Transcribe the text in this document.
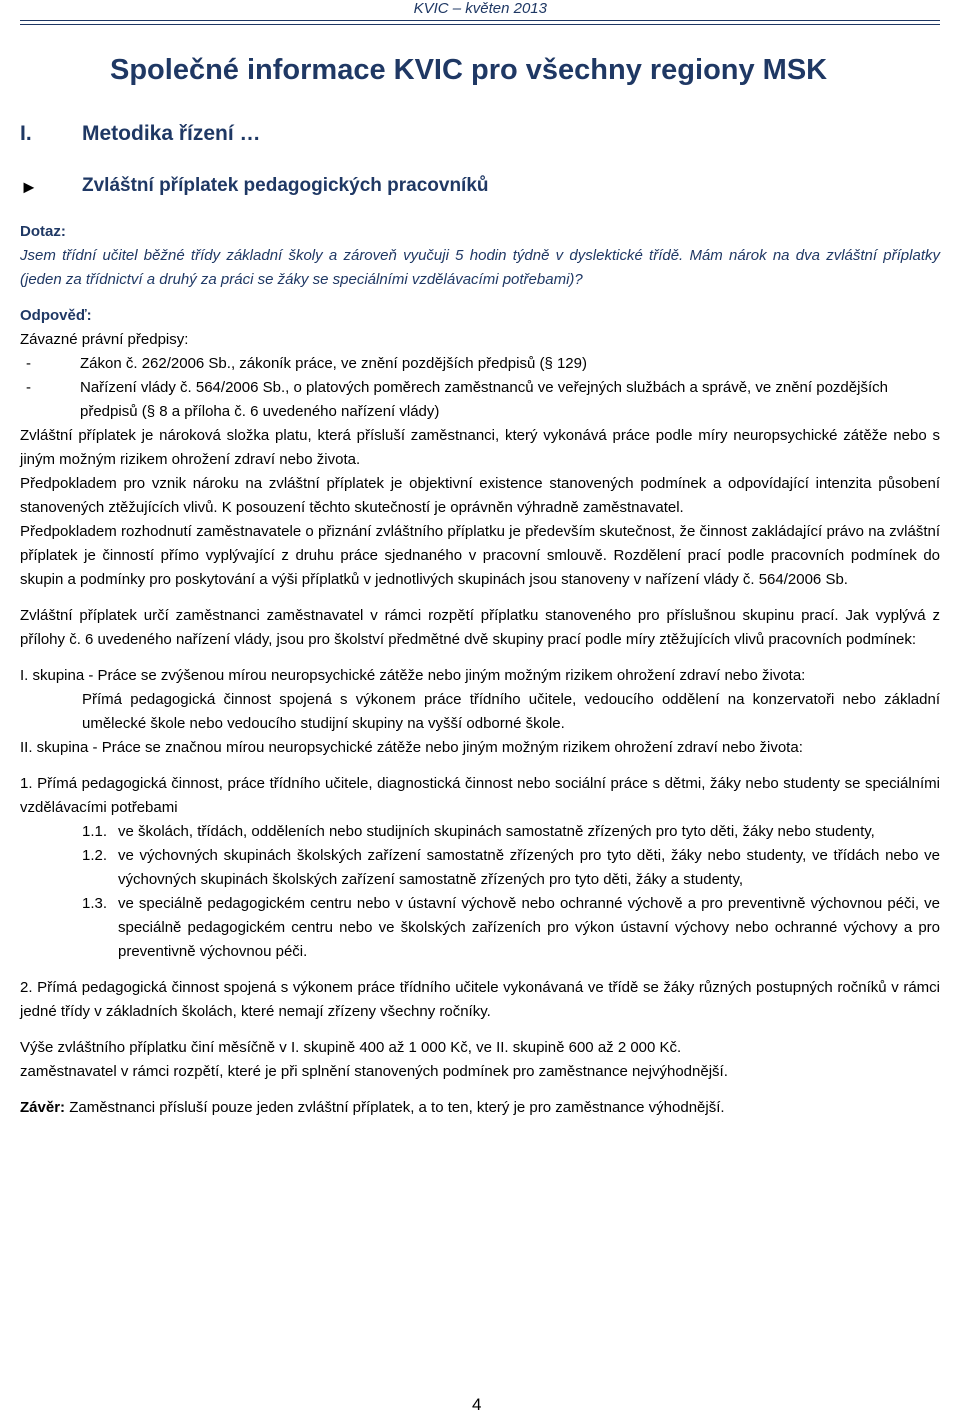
KVIC – květen 2013
Společné informace KVIC pro všechny regiony MSK
I. Metodika řízení …
► Zvláštní příplatek pedagogických pracovníků

Dotaz:

Jsem třídní učitel běžné třídy základní školy a zároveň vyučuji 5 hodin týdně v dyslektické třídě. Mám nárok na dva zvláštní příplatky (jeden za třídnictví a druhý za práci se žáky se speciálními vzdělávacími potřebami)?

Odpověď:

Závazné právní předpisy:

-	Zákon č. 262/2006 Sb., zákoník práce, ve znění pozdějších předpisů (§ 129)
-	Nařízení vlády č. 564/2006 Sb., o platových poměrech zaměstnanců ve veřejných službách a správě, ve znění pozdějších předpisů (§ 8 a příloha č. 6 uvedeného nařízení vlády)

Zvláštní příplatek je nároková složka platu, která přísluší zaměstnanci, který vykonává práce podle míry neuropsychické zátěže nebo s jiným možným rizikem ohrožení zdraví nebo života.

Předpokladem pro vznik nároku na zvláštní příplatek je objektivní existence stanovených podmínek a odpovídající intenzita působení stanovených ztěžujících vlivů. K posouzení těchto skutečností je oprávněn výhradně zaměstnavatel.

Předpokladem rozhodnutí zaměstnavatele o přiznání zvláštního příplatku je především skutečnost, že činnost zakládající právo na zvláštní příplatek je činností přímo vyplývající z druhu práce sjednaného v pracovní smlouvě. Rozdělení prací podle pracovních podmínek do skupin a podmínky pro poskytování a výši příplatků v jednotlivých skupinách jsou stanoveny v nařízení vlády č. 564/2006 Sb.

Zvláštní příplatek určí zaměstnanci zaměstnavatel v rámci rozpětí příplatku stanoveného pro příslušnou skupinu prací. Jak vyplývá z přílohy č. 6 uvedeného nařízení vlády, jsou pro školství předmětné dvě skupiny prací podle míry ztěžujících vlivů pracovních podmínek:

I. skupina - Práce se zvýšenou mírou neuropsychické zátěže nebo jiným možným rizikem ohrožení zdraví nebo života:

Přímá pedagogická činnost spojená s výkonem práce třídního učitele, vedoucího oddělení na konzervatoři nebo základní umělecké škole nebo vedoucího studijní skupiny na vyšší odborné škole.

II. skupina - Práce se značnou mírou neuropsychické zátěže nebo jiným možným rizikem ohrožení zdraví nebo života:

1. Přímá pedagogická činnost, práce třídního učitele, diagnostická činnost nebo sociální práce s dětmi, žáky nebo studenty se speciálními vzdělávacími potřebami

1.1. ve školách, třídách, odděleních nebo studijních skupinách samostatně zřízených pro tyto děti, žáky nebo studenty,
1.2. ve výchovných skupinách školských zařízení samostatně zřízených pro tyto děti, žáky nebo studenty, ve třídách nebo ve výchovných skupinách školských zařízení samostatně zřízených pro tyto děti, žáky a studenty,
1.3. ve speciálně pedagogickém centru nebo v ústavní výchově nebo ochranné výchově a pro preventivně výchovnou péči, ve speciálně pedagogickém centru nebo ve školských zařízeních pro výkon ústavní výchovy nebo ochranné výchovy a pro preventivně výchovnou péči.

2. Přímá pedagogická činnost spojená s výkonem práce třídního učitele vykonávaná ve třídě se žáky různých postupných ročníků v rámci jedné třídy v základních školách, které nemají zřízeny všechny ročníky.

Výše zvláštního příplatku činí měsíčně v I. skupině 400 až 1 000 Kč, ve II. skupině 600 až 2 000 Kč.

zaměstnavatel v rámci rozpětí, které je při splnění stanovených podmínek pro zaměstnance nejvýhodnější.

Závěr: Zaměstnanci přísluší pouze jeden zvláštní příplatek, a to ten, který je pro zaměstnance výhodnější.

4
